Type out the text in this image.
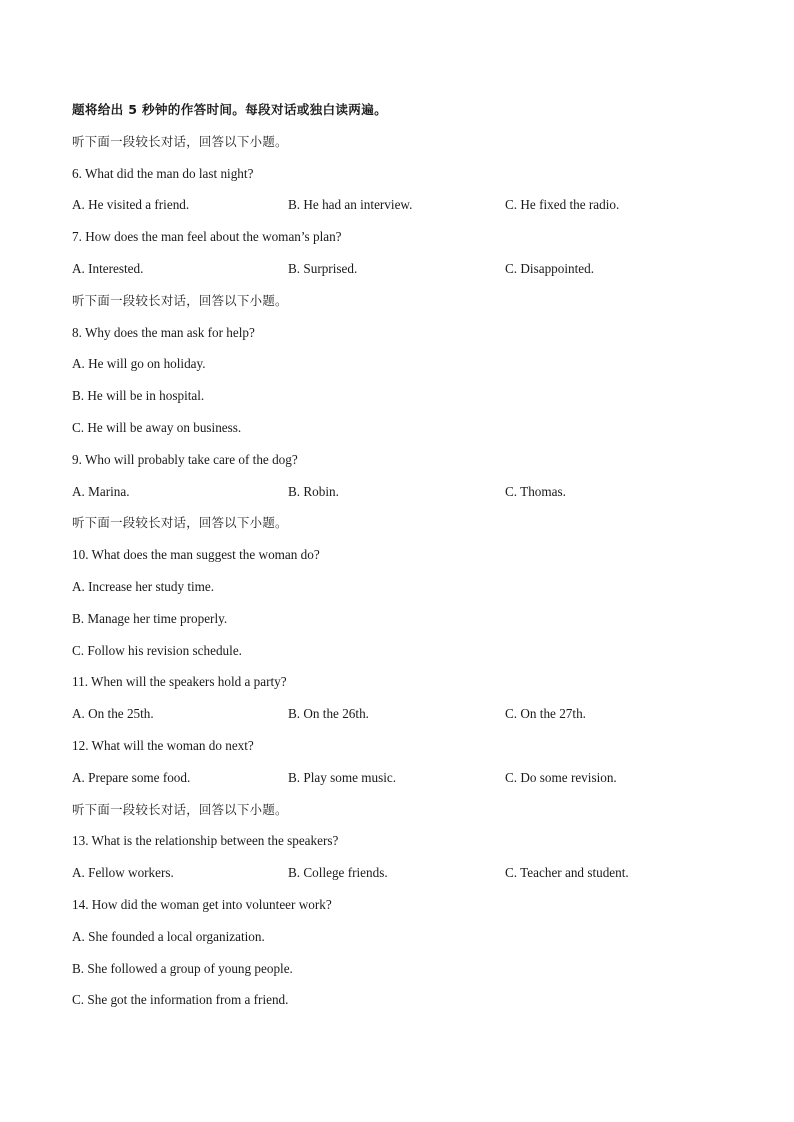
题将给出 5 秒钟的作答时间。每段对话或独白读两遍。
听下面一段较长对话，回答以下小题。
6. What did the man do last night?
A. He visited a friend.	B. He had an interview.	C. He fixed the radio.
7. How does the man feel about the woman’s plan?
A. Interested.	B. Surprised.	C. Disappointed.
听下面一段较长对话，回答以下小题。
8. Why does the man ask for help?
A. He will go on holiday.
B. He will be in hospital.
C. He will be away on business.
9. Who will probably take care of the dog?
A. Marina.	B. Robin.	C. Thomas.
听下面一段较长对话，回答以下小题。
10. What does the man suggest the woman do?
A. Increase her study time.
B. Manage her time properly.
C. Follow his revision schedule.
11. When will the speakers hold a party?
A. On the 25th.	B. On the 26th.	C. On the 27th.
12. What will the woman do next?
A. Prepare some food.	B. Play some music.	C. Do some revision.
听下面一段较长对话，回答以下小题。
13. What is the relationship between the speakers?
A. Fellow workers.	B. College friends.	C. Teacher and student.
14. How did the woman get into volunteer work?
A. She founded a local organization.
B. She followed a group of young people.
C. She got the information from a friend.
